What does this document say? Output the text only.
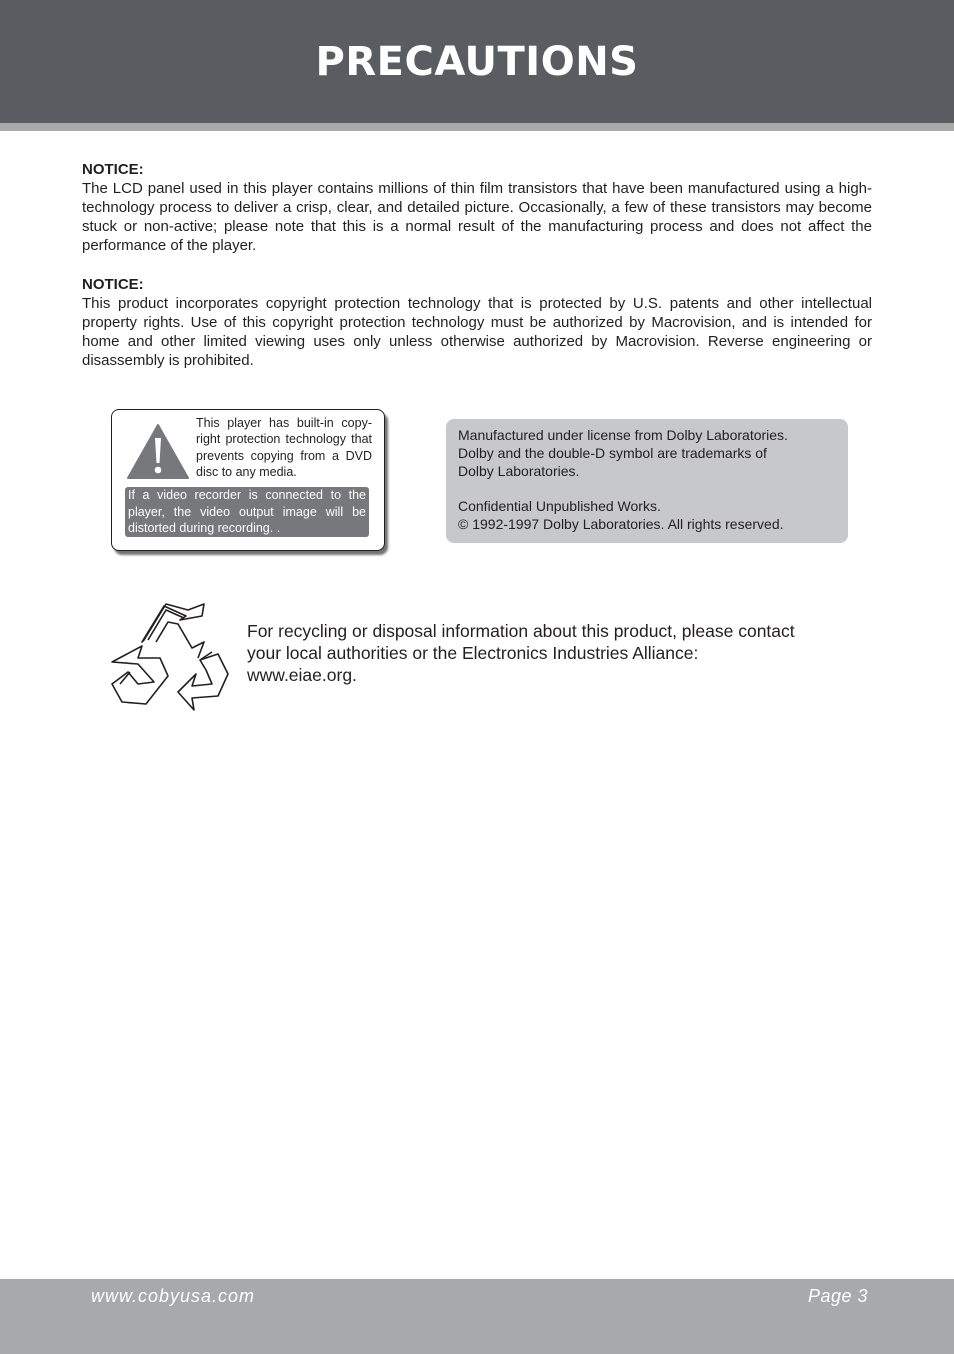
PRECAUTIONS
NOTICE:

The LCD panel used in this player contains millions of thin film transistors that have been manufactured using a high-technology process to deliver a crisp, clear, and detailed picture. Occasionally, a few of these transistors may become stuck or non-active; please note that this is a normal result of the manufacturing process and does not affect the performance of the player.

NOTICE:

This product incorporates copyright protection technology that is protected by U.S. patents and other intellectual property rights. Use of this copyright protection technology must be authorized by Macrovision, and is intended for home and other limited viewing uses only unless otherwise authorized by Macrovision. Reverse engineering or disassembly is prohibited.

This player has built-in copyright protection technology that prevents copying from a DVD disc to any media.
If a video recorder is connected to the player, the video output image will be distorted during recording. .
Manufactured under license from Dolby Laboratories.
Dolby and the double-D symbol are trademarks of
Dolby Laboratories.
Confidential Unpublished Works.
© 1992-1997 Dolby Laboratories. All rights reserved.
For recycling or disposal information about this product, please contact
your local authorities or the Electronics Industries Alliance:
www.eiae.org.
www.cobyusa.com	Page 3
